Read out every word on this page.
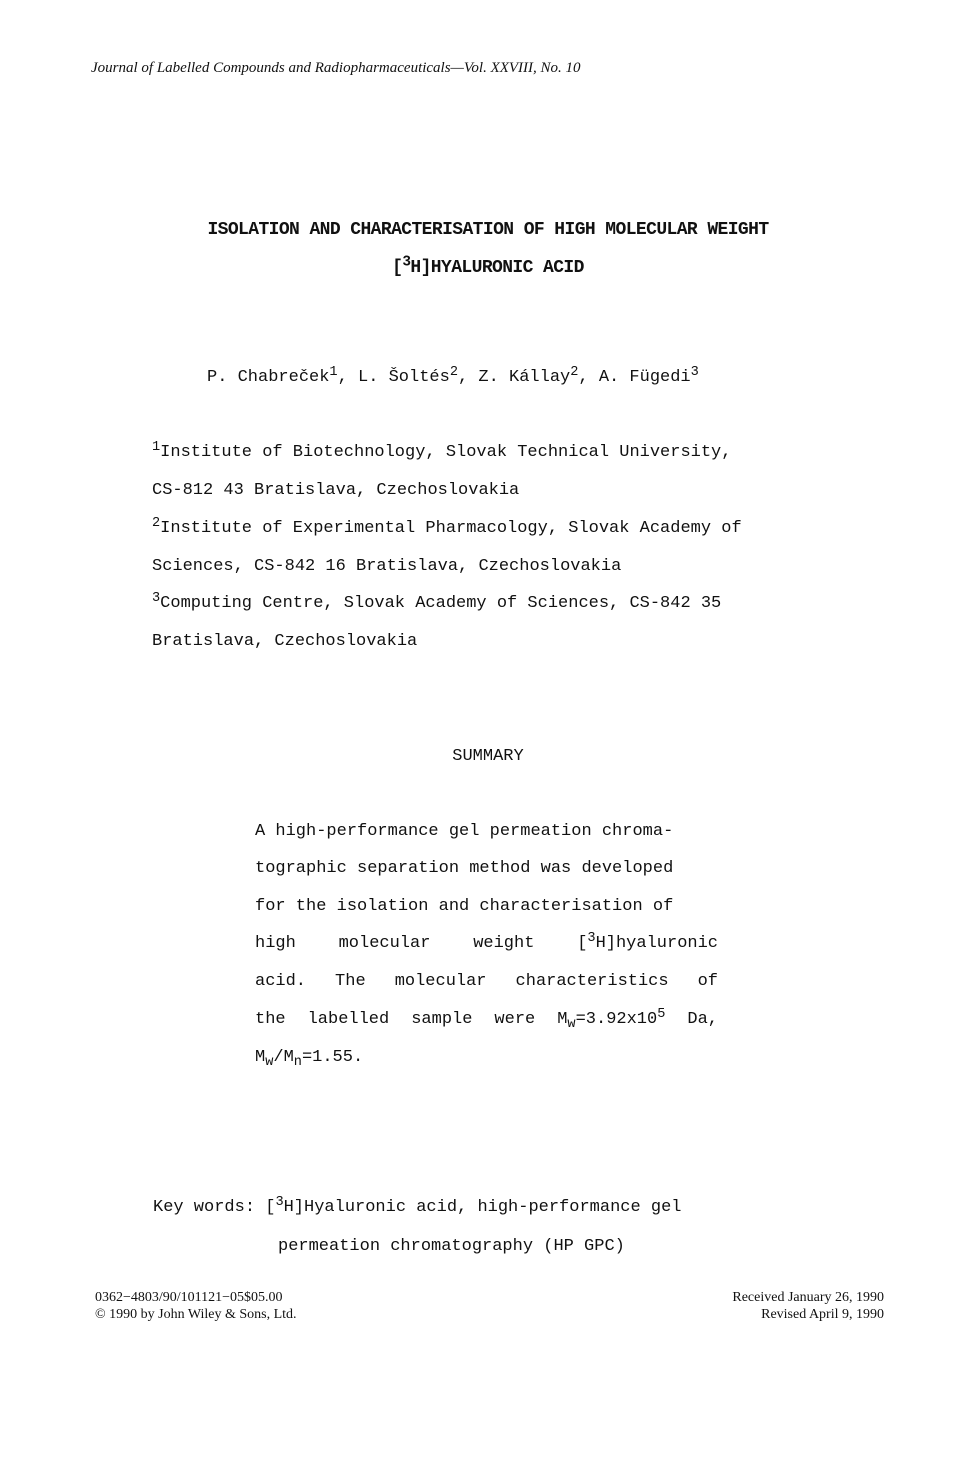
Journal of Labelled Compounds and Radiopharmaceuticals—Vol. XXVIII, No. 10
ISOLATION AND CHARACTERISATION OF HIGH MOLECULAR WEIGHT
[$^3$H]HYALURONIC ACID
P. Chabreček$^1$, L. Šoltés$^2$, Z. Kállay$^2$, A. Fügedi$^3$
$^1$Institute of Biotechnology, Slovak Technical University,
CS-812 43 Bratislava, Czechoslovakia
$^2$Institute of Experimental Pharmacology, Slovak Academy of
Sciences, CS-842 16 Bratislava, Czechoslovakia
$^3$Computing Centre, Slovak Academy of Sciences, CS-842 35
Bratislava, Czechoslovakia
SUMMARY
A high-performance gel permeation chroma-
tographic separation method was developed
for the isolation and characterisation of
high	molecular	weight	[$^3$H]hyaluronic
acid. The molecular characteristics of
the labelled sample were $M_w=3.92x10^5$ Da,
$M_w/M_n=1.55$.
Key words: [$^3$H]Hyaluronic acid, high-performance gel
permeation chromatography (HP GPC)
0362−4803/90/101121−05$05.00
© 1990 by John Wiley & Sons, Ltd.
Received January 26, 1990
Revised April 9, 1990
